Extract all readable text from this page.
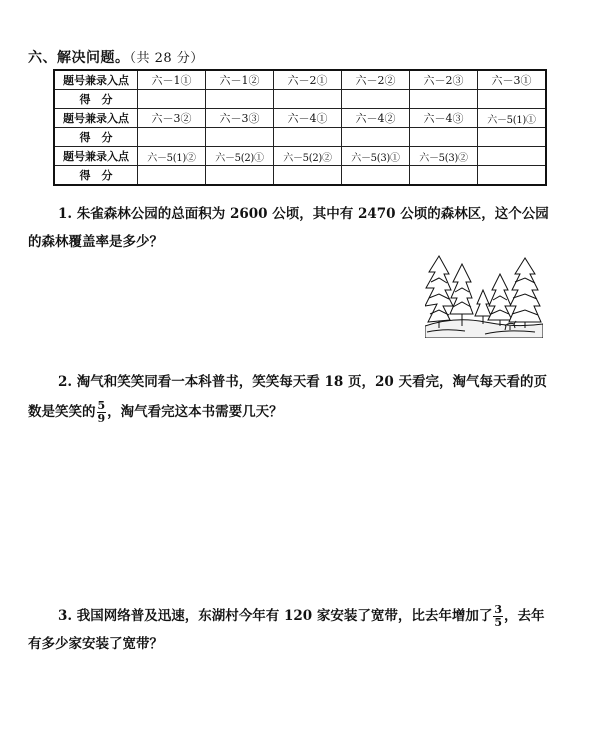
六、解决问题。（共 28 分）
题号兼录入点	六－1①	六－1②	六－2①	六－2②	六－2③	六－3①
得　分						
题号兼录入点	六－3②	六－3③	六－4①	六－4②	六－4③	六－5(1)①
得　分						
题号兼录入点	六－5(1)②	六－5(2)①	六－5(2)②	六－5(3)①	六－5(3)②	
得　分						
1. 朱雀森林公园的总面积为 2600 公顷，其中有 2470 公顷的森林区，这个公园
的森林覆盖率是多少？
2. 淘气和笑笑同看一本科普书，笑笑每天看 18 页，20 天看完，淘气每天看的页
数是笑笑的 $\frac{5}{9}$ ，淘气看完这本书需要几天？
3. 我国网络普及迅速，东湖村今年有 120 家安装了宽带，比去年增加了 $\frac{3}{5}$ ，去年
有多少家安装了宽带？
